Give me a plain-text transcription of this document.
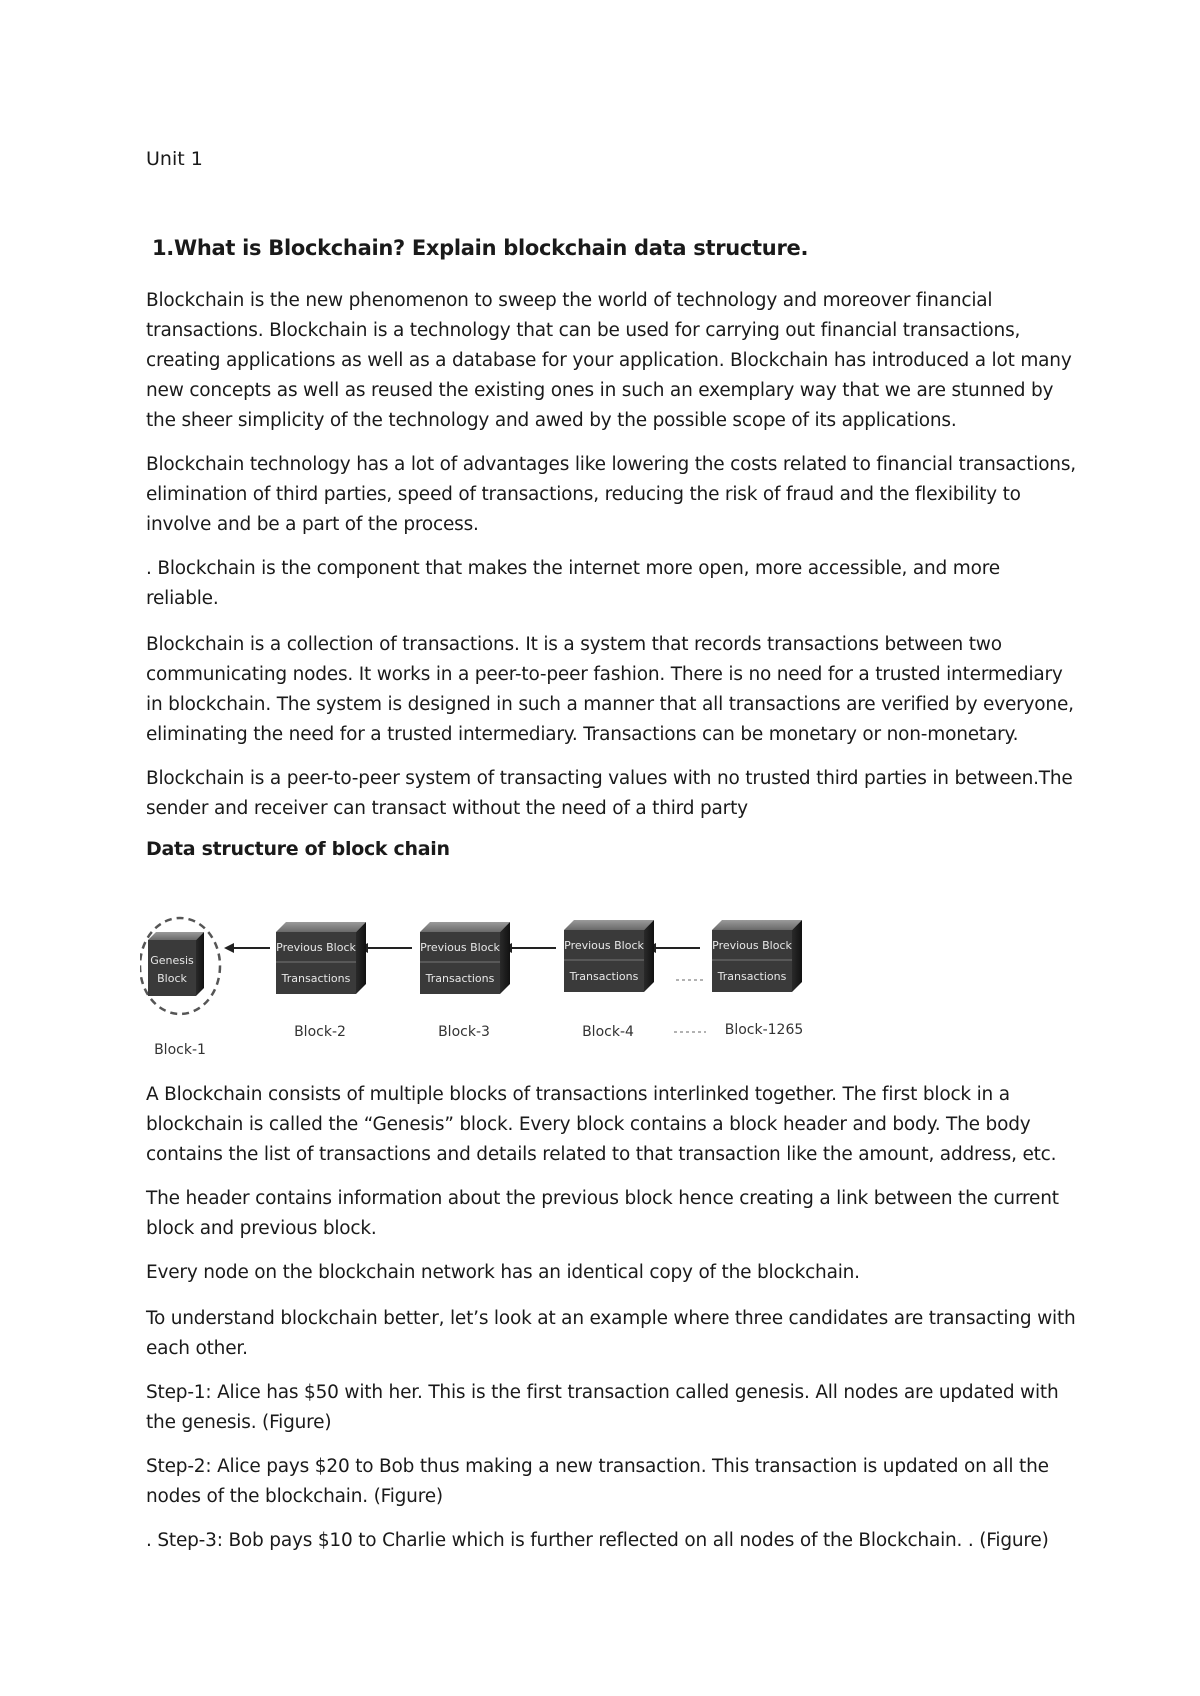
Unit 1
1.What is Blockchain? Explain blockchain data structure.

Blockchain is the new phenomenon to sweep the world of technology and moreover financial transactions. Blockchain is a technology that can be used for carrying out financial transactions, creating applications as well as a database for your application. Blockchain has introduced a lot many new concepts as well as reused the existing ones in such an exemplary way that we are stunned by the sheer simplicity of the technology and awed by the possible scope of its applications.

Blockchain technology has a lot of advantages like lowering the costs related to financial transactions, elimination of third parties, speed of transactions, reducing the risk of fraud and the flexibility to involve and be a part of the process.

. Blockchain is the component that makes the internet more open, more accessible, and more reliable.

Blockchain is a collection of transactions. It is a system that records transactions between two communicating nodes. It works in a peer-to-peer fashion. There is no need for a trusted intermediary in blockchain. The system is designed in such a manner that all transactions are verified by everyone, eliminating the need for a trusted intermediary. Transactions can be monetary or non-monetary.

Blockchain is a peer-to-peer system of transacting values with no trusted third parties in between.The sender and receiver can transact without the need of a third party

Data structure of block chain
Genesis
Block
Block-1
Previous Block
Transactions
Block-2
Previous Block
Transactions
Block-3
Previous Block
Transactions
Block-4
Previous Block
Transactions
Block-1265

A Blockchain consists of multiple blocks of transactions interlinked together. The first block in a blockchain is called the “Genesis” block. Every block contains a block header and body. The body contains the list of transactions and details related to that transaction like the amount, address, etc.

The header contains information about the previous block hence creating a link between the current block and previous block.

Every node on the blockchain network has an identical copy of the blockchain.

To understand blockchain better, let’s look at an example where three candidates are transacting with each other.

Step-1: Alice has $50 with her. This is the first transaction called genesis. All nodes are updated with the genesis. (Figure)

Step-2: Alice pays $20 to Bob thus making a new transaction. This transaction is updated on all the nodes of the blockchain. (Figure)

. Step-3: Bob pays $10 to Charlie which is further reflected on all nodes of the Blockchain. . (Figure)
